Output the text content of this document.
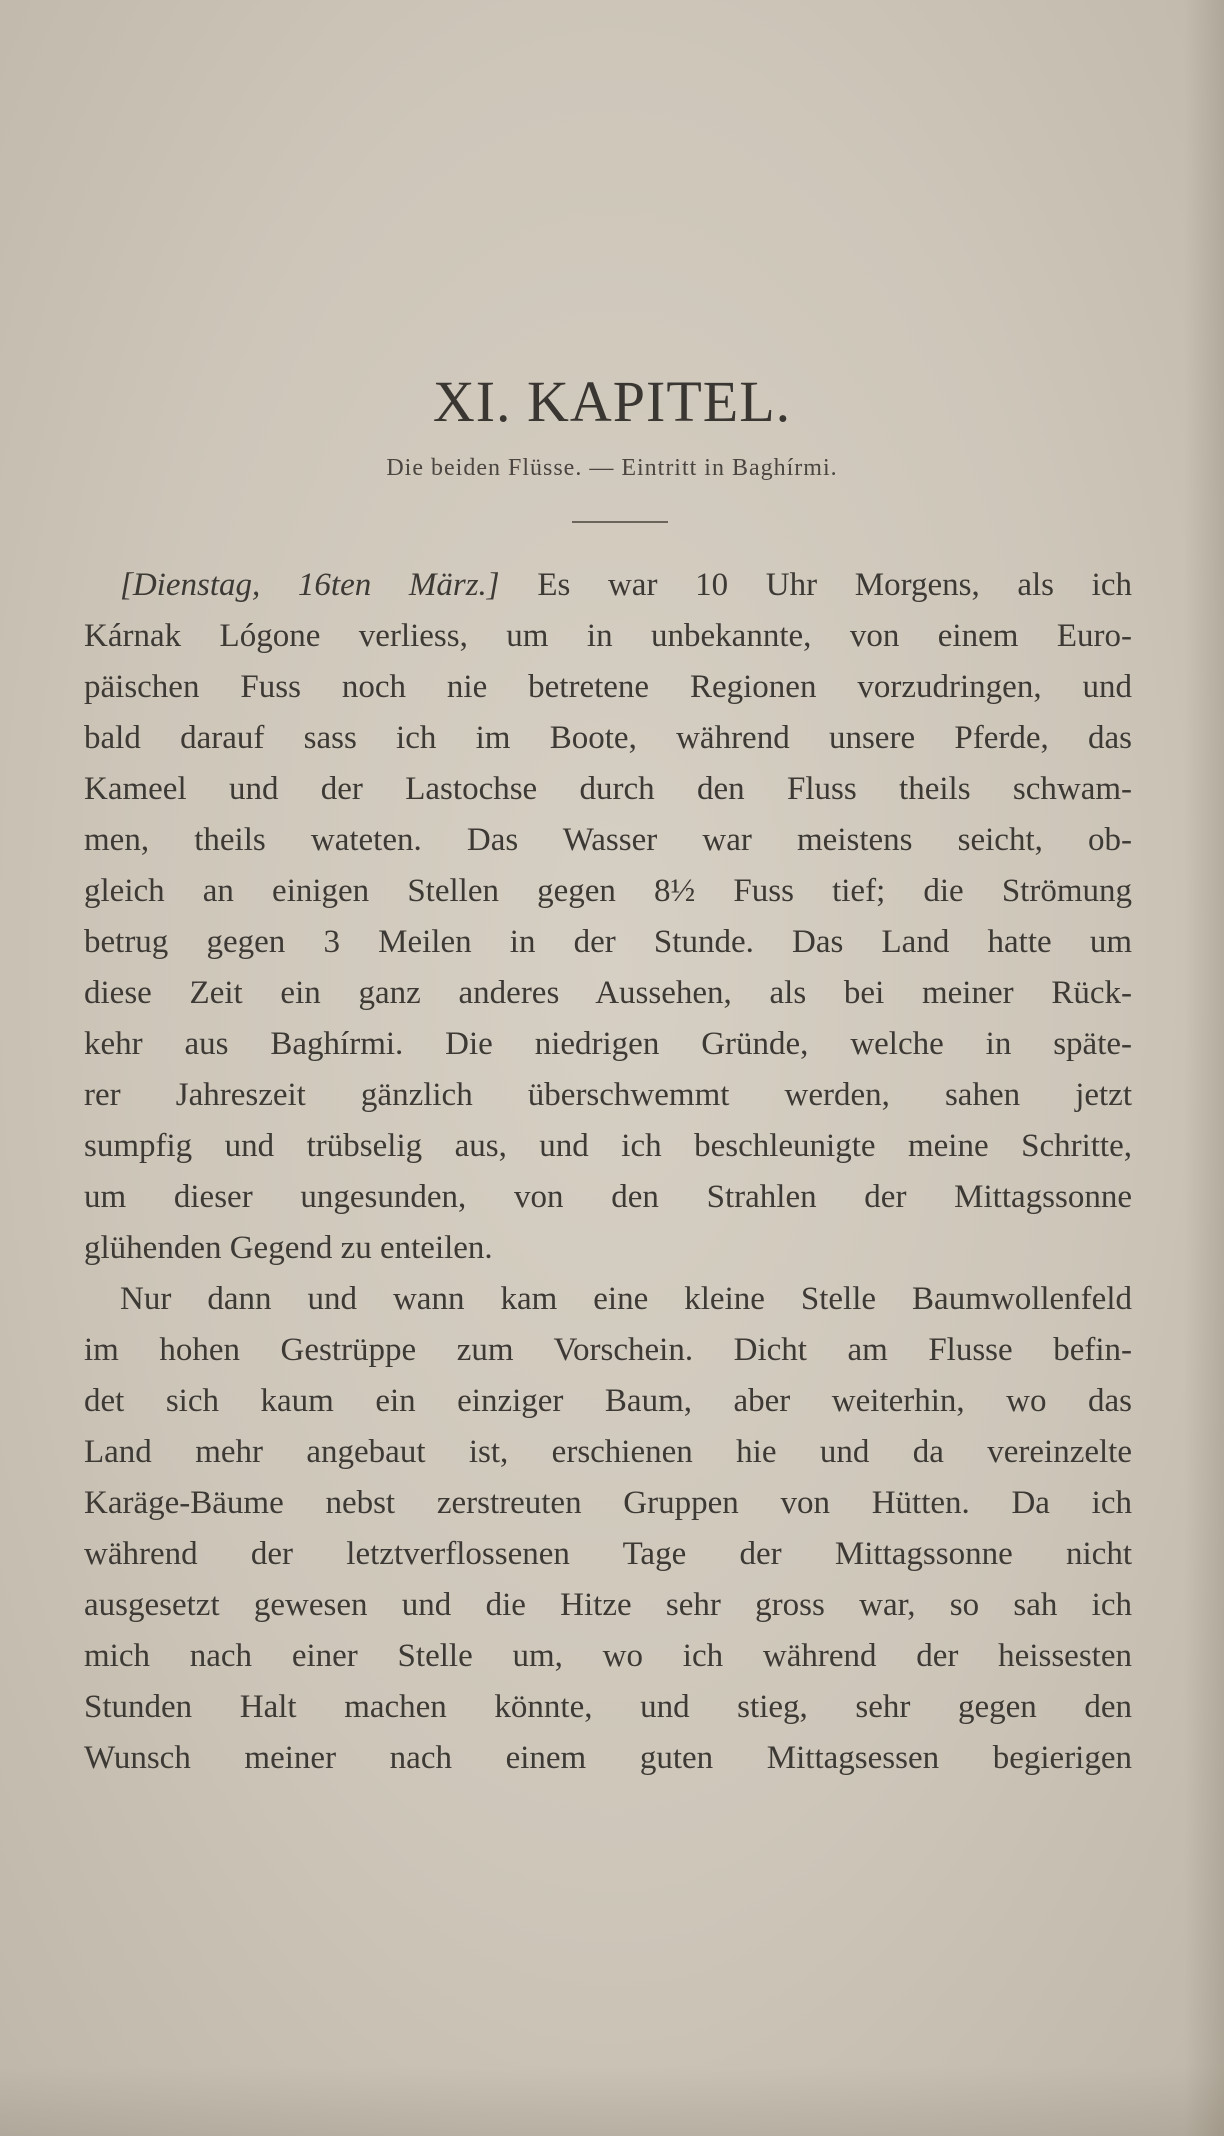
XI. KAPITEL.
Die beiden Flüsse. — Eintritt in Baghírmi.
[Dienstag, 16ten März.] Es war 10 Uhr Morgens, als ich
Kárnak Lógone verliess, um in unbekannte, von einem Euro-
päischen Fuss noch nie betretene Regionen vorzudringen, und
bald darauf sass ich im Boote, während unsere Pferde, das
Kameel und der Lastochse durch den Fluss theils schwam-
men, theils wateten. Das Wasser war meistens seicht, ob-
gleich an einigen Stellen gegen 8½ Fuss tief; die Strömung
betrug gegen 3 Meilen in der Stunde. Das Land hatte um
diese Zeit ein ganz anderes Aussehen, als bei meiner Rück-
kehr aus Baghírmi. Die niedrigen Gründe, welche in späte-
rer Jahreszeit gänzlich überschwemmt werden, sahen jetzt
sumpfig und trübselig aus, und ich beschleunigte meine Schritte,
um dieser ungesunden, von den Strahlen der Mittagssonne
glühenden Gegend zu enteilen.
Nur dann und wann kam eine kleine Stelle Baumwollenfeld
im hohen Gestrüppe zum Vorschein. Dicht am Flusse befin-
det sich kaum ein einziger Baum, aber weiterhin, wo das
Land mehr angebaut ist, erschienen hie und da vereinzelte
Karäge-Bäume nebst zerstreuten Gruppen von Hütten. Da ich
während der letztverflossenen Tage der Mittagssonne nicht
ausgesetzt gewesen und die Hitze sehr gross war, so sah ich
mich nach einer Stelle um, wo ich während der heissesten
Stunden Halt machen könnte, und stieg, sehr gegen den
Wunsch meiner nach einem guten Mittagsessen begierigen
